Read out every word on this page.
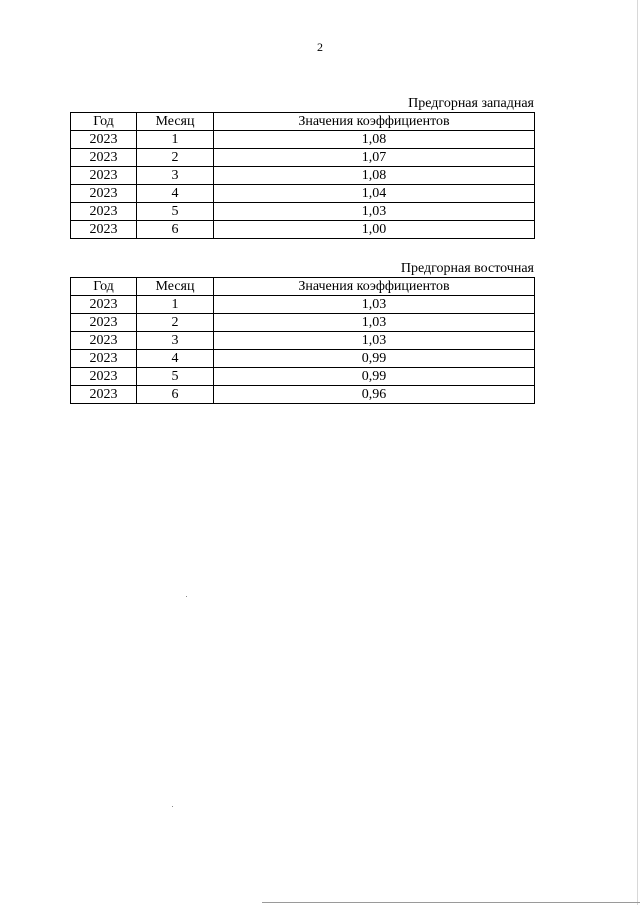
2
Предгорная западная
Год	Месяц	Значения коэффициентов
2023	1	1,08
2023	2	1,07
2023	3	1,08
2023	4	1,04
2023	5	1,03
2023	6	1,00
Предгорная восточная
Год	Месяц	Значения коэффициентов
2023	1	1,03
2023	2	1,03
2023	3	1,03
2023	4	0,99
2023	5	0,99
2023	6	0,96
